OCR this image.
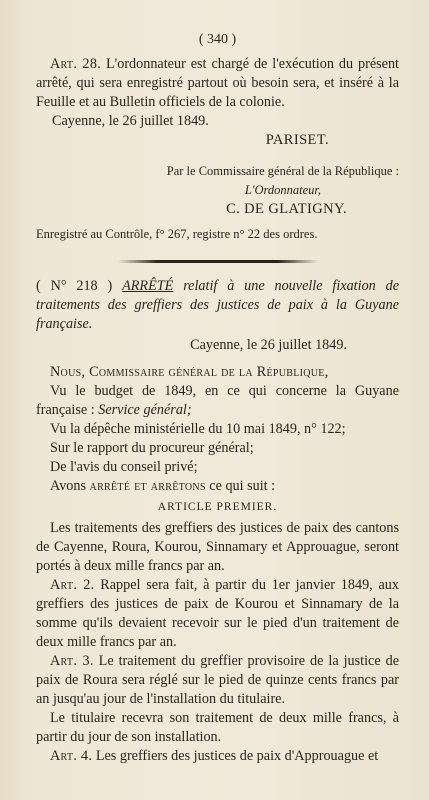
( 340 )

Art. 28. L'ordonnateur est chargé de l'exécution du présent arrêté, qui sera enregistré partout où besoin sera, et inséré à la Feuille et au Bulletin officiels de la colonie.

Cayenne, le 26 juillet 1849.

PARISET.

Par le Commissaire général de la République :

L'Ordonnateur,

C. DE GLATIGNY.

Enregistré au Contrôle, f° 267, registre n° 22 des ordres.

( N° 218 ) ARRÊTÉ relatif à une nouvelle fixation de traitements des greffiers des justices de paix à la Guyane française.

Cayenne, le 26 juillet 1849.

Nous, Commissaire général de la République,

Vu le budget de 1849, en ce qui concerne la Guyane française : Service général;

Vu la dépêche ministérielle du 10 mai 1849, n° 122;

Sur le rapport du procureur général;

De l'avis du conseil privé;

Avons arrêté et arrêtons ce qui suit :

ARTICLE PREMIER.

Les traitements des greffiers des justices de paix des cantons de Cayenne, Roura, Kourou, Sinnamary et Approuague, seront portés à deux mille francs par an.

Art. 2. Rappel sera fait, à partir du 1er janvier 1849, aux greffiers des justices de paix de Kourou et Sinnamary de la somme qu'ils devaient recevoir sur le pied d'un traitement de deux mille francs par an.

Art. 3. Le traitement du greffier provisoire de la justice de paix de Roura sera réglé sur le pied de quinze cents francs par an jusqu'au jour de l'installation du titulaire.

Le titulaire recevra son traitement de deux mille francs, à partir du jour de son installation.

Art. 4. Les greffiers des justices de paix d'Approuague et
